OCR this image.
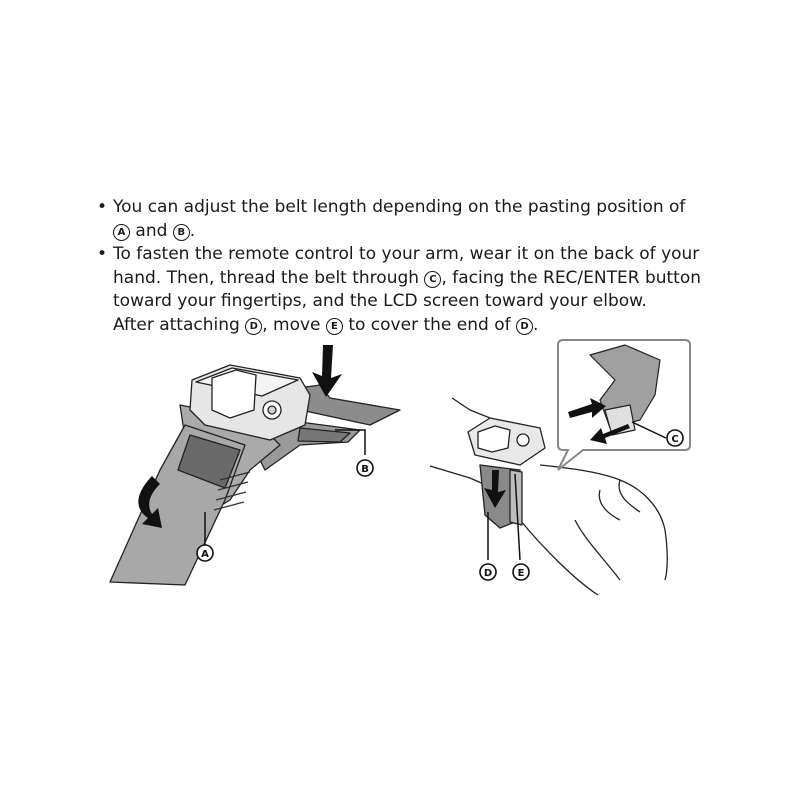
• You can adjust the belt length depending on the pasting position of
A and B .
• To fasten the remote control to your arm, wear it on the back of your
hand. Then, thread the belt through C , facing the REC/ENTER button
toward your fingertips, and the LCD screen toward your elbow.
After attaching D , move E to cover the end of D .
A
B
C
D	E
